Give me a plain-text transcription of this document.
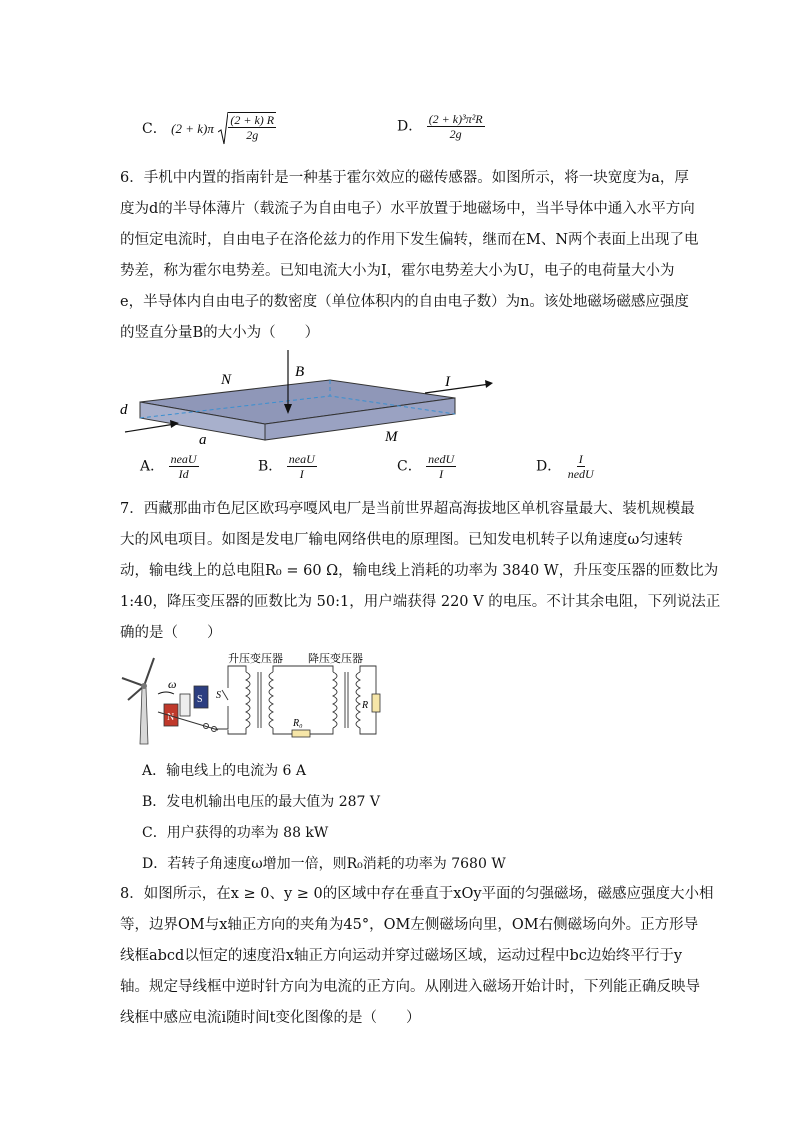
C． $(2 + k)\pi \frac{(2 + k) R}{2g}$	D． $\frac{\text{(2 + k)³π²R}}{2g}$
6．手机中内置的指南针是一种基于霍尔效应的磁传感器。如图所示，将一块宽度为a，厚
度为d的半导体薄片（载流子为自由电子）水平放置于地磁场中，当半导体中通入水平方向
的恒定电流时，自由电子在洛伦兹力的作用下发生偏转，继而在M、N两个表面上出现了电
势差，称为霍尔电势差。已知电流大小为I，霍尔电势差大小为U，电子的电荷量大小为
e，半导体内自由电子的数密度（单位体积内的自由电子数）为n。该处地磁场磁感应强度
的竖直分量B的大小为（　　）
N	B
I
d
a	M
A． $\frac{\text{neaU}}{Id}$	B． $\frac{\text{neaU}}{I}$	C． $\frac{\text{nedU}}{I}$	D． $\frac{I}{\text{nedU}}$
7．西藏那曲市色尼区欧玛亭嘎风电厂是当前世界超高海拔地区单机容量最大、装机规模最
大的风电项目。如图是发电厂输电网络供电的原理图。已知发电机转子以角速度ω匀速转
动，输电线上的总电阻R₀ = 60 Ω，输电线上消耗的功率为 3840 W，升压变压器的匝数比为
1:40，降压变压器的匝数比为 50:1，用户端获得 220 V 的电压。不计其余电阻，下列说法正
确的是（　　）
ω
N
S S
升压变压器
R₀
降压变压器
R
A．输电线上的电流为 6 A
B．发电机输出电压的最大值为 287 V
C．用户获得的功率为 88 kW
D．若转子角速度ω增加一倍，则R₀消耗的功率为 7680 W
8．如图所示，在x ≥ 0、y ≥ 0的区域中存在垂直于xOy平面的匀强磁场，磁感应强度大小相
等，边界OM与x轴正方向的夹角为45°，OM左侧磁场向里，OM右侧磁场向外。正方形导
线框abcd以恒定的速度沿x轴正方向运动并穿过磁场区域，运动过程中bc边始终平行于y
轴。规定导线框中逆时针方向为电流的正方向。从刚进入磁场开始计时，下列能正确反映导
线框中感应电流i随时间t变化图像的是（　　）
